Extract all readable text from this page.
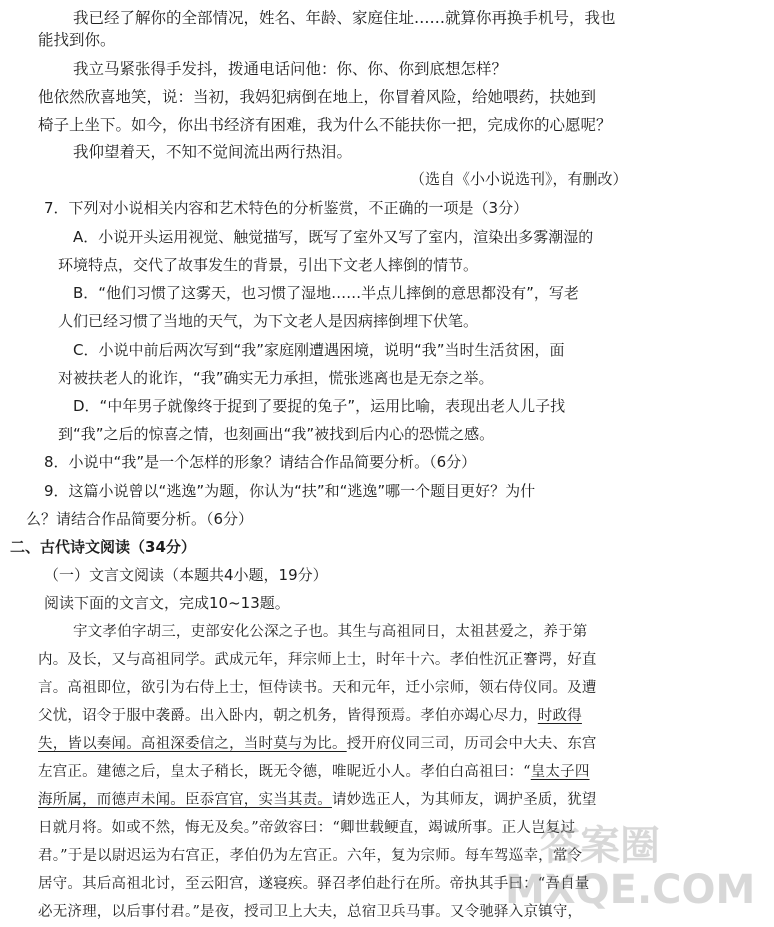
我已经了解你的全部情况，姓名、年龄、家庭住址……就算你再换手机号，我也
能找到你。
我立马紧张得手发抖，拨通电话问他：你、你、你到底想怎样？
他依然欣喜地笑，说：当初，我妈犯病倒在地上，你冒着风险，给她喂药，扶她到
椅子上坐下。如今，你出书经济有困难，我为什么不能扶你一把，完成你的心愿呢？
我仰望着天，不知不觉间流出两行热泪。
（选自《小小说选刊》，有删改）
7．下列对小说相关内容和艺术特色的分析鉴赏，不正确的一项是（3分）
A．小说开头运用视觉、触觉描写，既写了室外又写了室内，渲染出多雾潮湿的
环境特点，交代了故事发生的背景，引出下文老人摔倒的情节。
B．“他们习惯了这雾天，也习惯了湿地……半点儿摔倒的意思都没有”，写老
人们已经习惯了当地的天气，为下文老人是因病摔倒埋下伏笔。
C．小说中前后两次写到“我”家庭刚遭遇困境，说明“我”当时生活贫困，面
对被扶老人的讹诈，“我”确实无力承担，慌张逃离也是无奈之举。
D．“中年男子就像终于捉到了要捉的兔子”，运用比喻，表现出老人儿子找
到“我”之后的惊喜之情，也刻画出“我”被找到后内心的恐慌之感。
8．小说中“我”是一个怎样的形象？请结合作品简要分析。（6分）
9．这篇小说曾以“逃逸”为题，你认为“扶”和“逃逸”哪一个题目更好？为什
么？请结合作品简要分析。（6分）
二、古代诗文阅读（34分）
（一）文言文阅读（本题共4小题，19分）
阅读下面的文言文，完成10~13题。
宇文孝伯字胡三，吏部安化公深之子也。其生与高祖同日，太祖甚爱之，养于第
内。及长，又与高祖同学。武成元年，拜宗师上士，时年十六。孝伯性沉正謇谔，好直
言。高祖即位，欲引为右侍上士，恒侍读书。天和元年，迁小宗师，领右侍仪同。及遭
父忧，诏令于服中袭爵。出入卧内，朝之机务，皆得预焉。孝伯亦竭心尽力，时政得
失，皆以奏闻。高祖深委信之，当时莫与为比。授开府仪同三司，历司会中大夫、东宫
左宫正。建德之后，皇太子稍长，既无令德，唯昵近小人。孝伯白高祖曰：“皇太子四
海所属，而德声未闻。臣忝宫官，实当其责。请妙选正人，为其师友，调护圣质，犹望
日就月将。如或不然，悔无及矣。”帝敛容曰：“卿世载鲠直，竭诚所事。正人岂复过
君。”于是以尉迟运为右宫正，孝伯仍为左宫正。六年，复为宗师。每车驾巡幸，常令
居守。其后高祖北讨，至云阳宫，遂寝疾。驿召孝伯赴行在所。帝执其手曰：“吾自量
必无济理，以后事付君。”是夜，授司卫上大夫，总宿卫兵马事。又令驰驿入京镇守，
答案圈 MXQE.COM
